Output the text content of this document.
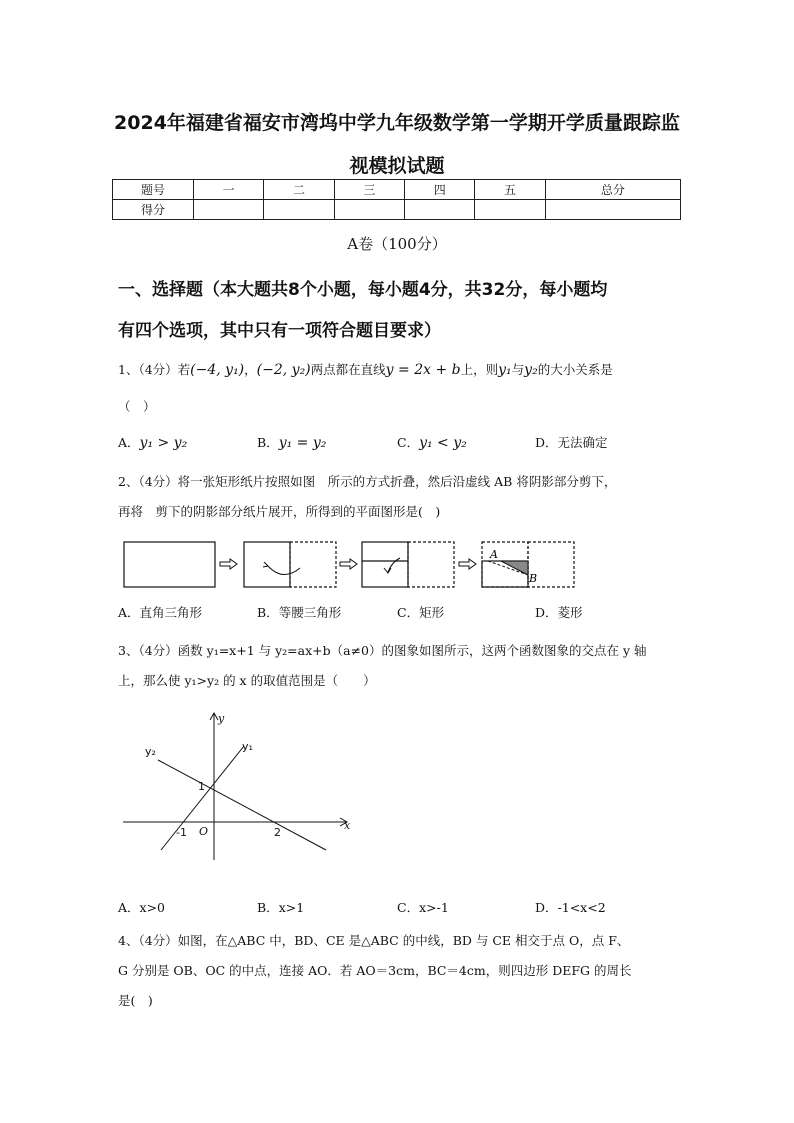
2024年福建省福安市湾坞中学九年级数学第一学期开学质量跟踪监
视模拟试题
题号	一	二	三	四	五	总分
得分						
A卷（100分）
一、选择题（本大题共8个小题，每小题4分，共32分，每小题均
有四个选项，其中只有一项符合题目要求）
1、（4分）若(−4, y₁)，(−2, y₂)两点都在直线y = 2x + b上，则y₁与y₂的大小关系是
（　）
A．y₁ > y₂	B．y₁ = y₂	C．y₁ < y₂	D．无法确定
2、（4分）将一张矩形纸片按照如图　所示的方式折叠，然后沿虚线 AB 将阴影部分剪下，
再将　剪下的阴影部分纸片展开，所得到的平面图形是(　)
A
B
A．直角三角形	B．等腰三角形	C．矩形	D．菱形
3、（4分）函数 y₁=x+1 与 y₂=ax+b（a≠0）的图象如图所示，这两个函数图象的交点在 y 轴
上，那么使 y₁>y₂ 的 x 的取值范围是（　　）
y
x
O
y₁
y₂
1
-1	2
A．x>0	B．x>1	C．x>-1	D．-1<x<2
4、（4分）如图，在△ABC 中，BD、CE 是△ABC 的中线，BD 与 CE 相交于点 O，点 F、
G 分别是 OB、OC 的中点，连接 AO．若 AO＝3cm，BC＝4cm，则四边形 DEFG 的周长
是(　)
